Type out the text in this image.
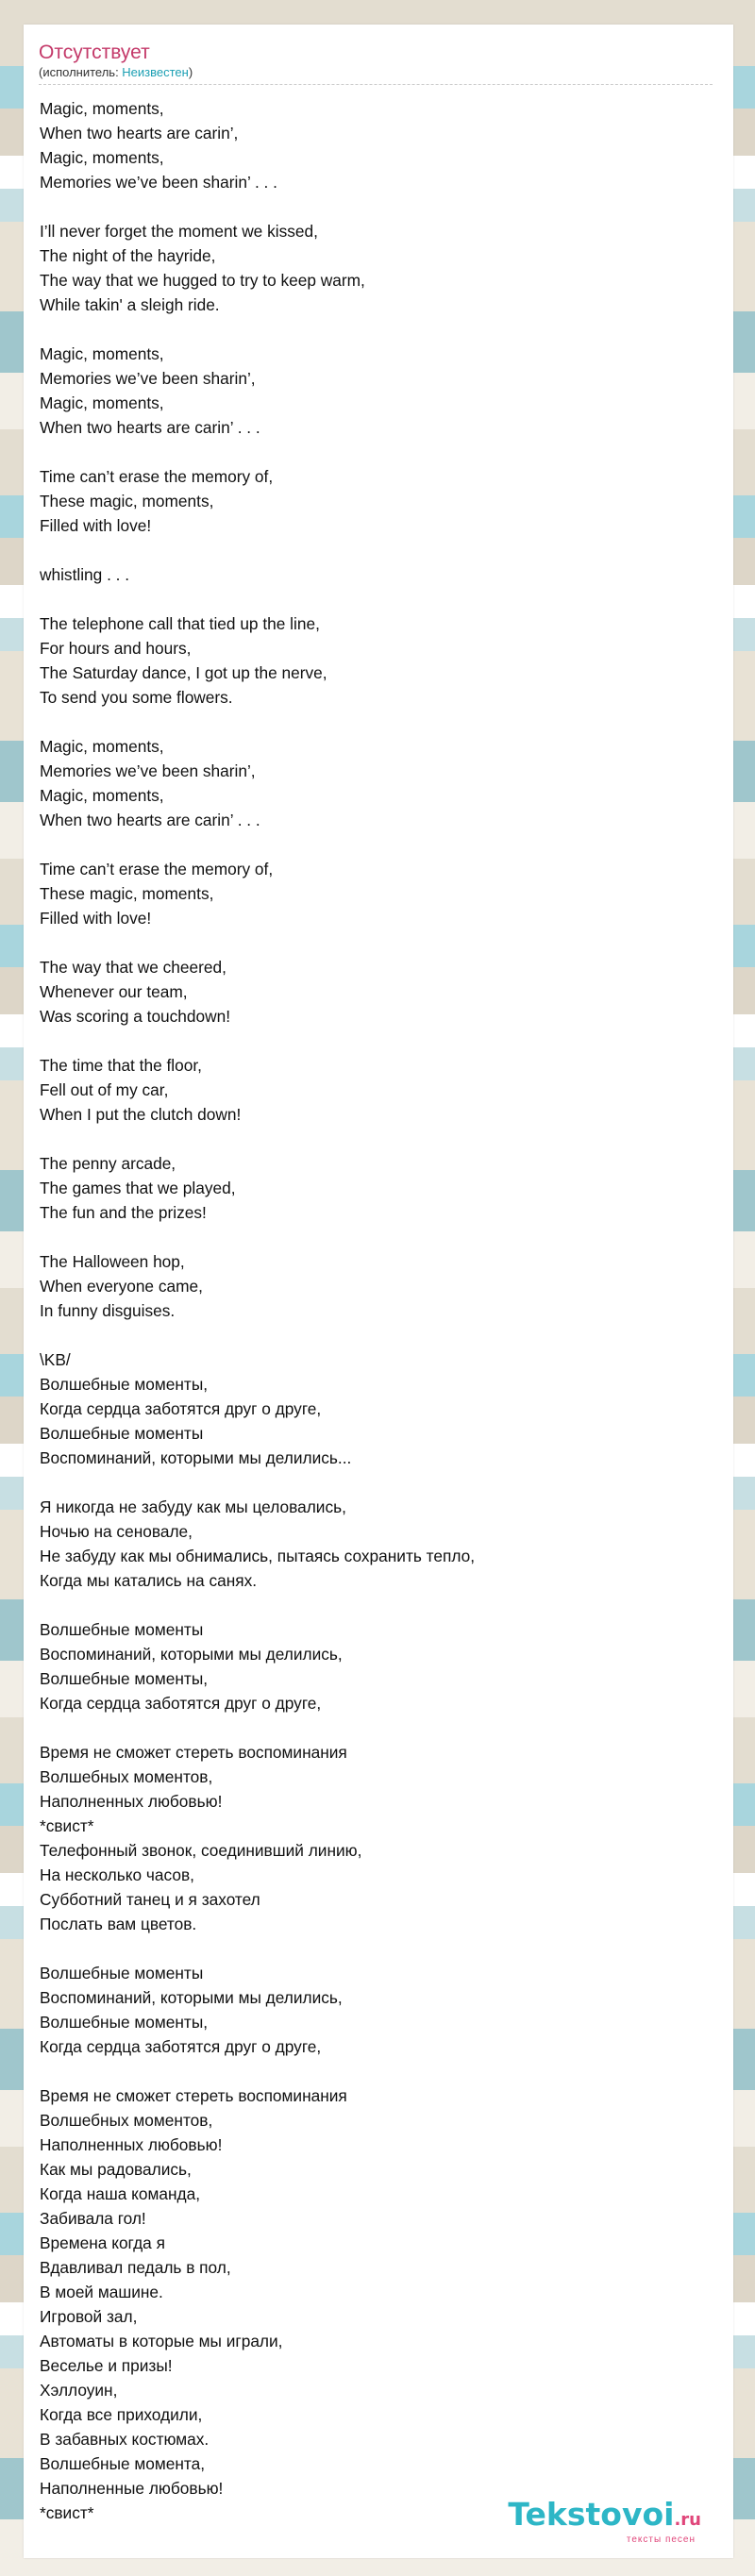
Отсутствует
(исполнитель: Неизвестен)
Magic, moments,
When two hearts are carin’,
Magic, moments,
Memories we’ve been sharin’ . . .

I’ll never forget the moment we kissed,
The night of the hayride,
The way that we hugged to try to keep warm,
While takin' a sleigh ride.

Magic, moments,
Memories we’ve been sharin’,
Magic, moments,
When two hearts are carin’ . . .

Time can’t erase the memory of,
These magic, moments,
Filled with love!

whistling . . .

The telephone call that tied up the line,
For hours and hours,
The Saturday dance, I got up the nerve,
To send you some flowers.

Magic, moments,
Memories we’ve been sharin’,
Magic, moments,
When two hearts are carin’ . . .

Time can’t erase the memory of,
These magic, moments,
Filled with love!

The way that we cheered,
Whenever our team,
Was scoring a touchdown!

The time that the floor,
Fell out of my car,
When I put the clutch down!

The penny arcade,
The games that we played,
The fun and the prizes!

The Halloween hop,
When everyone came,
In funny disguises.

\KB/
Волшебные моменты,
Когда сердца заботятся друг о друге,
Волшебные моменты
Воспоминаний, которыми мы делились...

Я никогда не забуду как мы целовались,
Ночью на сеновале,
Не забуду как мы обнимались, пытаясь сохранить тепло,
Когда мы катались на санях.

Волшебные моменты
Воспоминаний, которыми мы делились,
Волшебные моменты,
Когда сердца заботятся друг о друге,

Время не сможет стереть воспоминания
Волшебных моментов,
Наполненных любовью!
*свист*
Телефонный звонок, соединивший линию,
На несколько часов,
Субботний танец и я захотел
Послать вам цветов.

Волшебные моменты
Воспоминаний, которыми мы делились,
Волшебные моменты,
Когда сердца заботятся друг о друге,

Время не сможет стереть воспоминания
Волшебных моментов,
Наполненных любовью!
Как мы радовались,
Когда наша команда,
Забивала гол!
Времена когда я
Вдавливал педаль в пол,
В моей машине.
Игровой зал,
Автоматы в которые мы играли,
Веселье и призы!
Хэллоуин,
Когда все приходили,
В забавных костюмах.
Волшебные момента,
Наполненные любовью!
*свист*	Tekstovoi.ru
тексты песен
